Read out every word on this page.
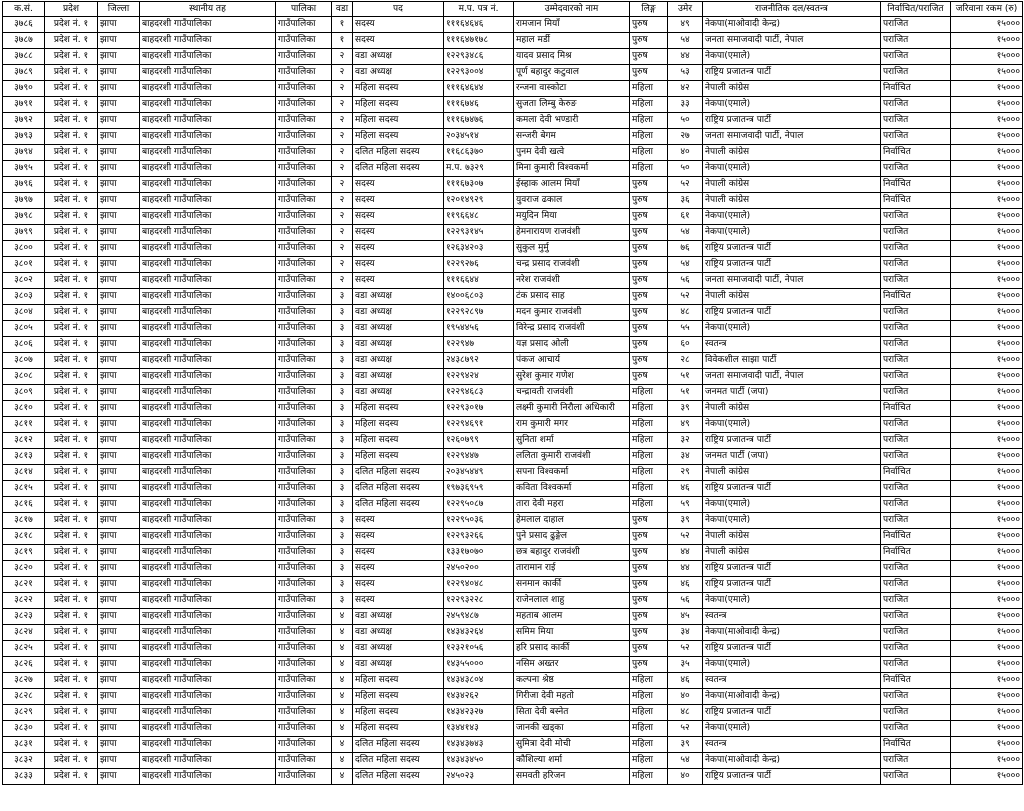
क.सं.	प्रदेश	जिल्ला	स्थानीय तह	पालिका	वडा	पद	म.प. पत्र नं.	उम्मेदवारको नाम	लिङ्ग	उमेर	राजनीतिक दल/स्वतन्त्र	निर्वाचित/पराजित	जरिवाना रकम (रु)
३७८६	प्रदेश नं. १	झापा	बाहदरशी गाउँपालिका	गाउँपालिका	१	सदस्य	१११६४६४६	रामजान मियाँ	पुरुष	४९	नेकपा(माओवादी केन्द्र)	पराजित	१५०००
३७८७	प्रदेश नं. १	झापा	बाहदरशी गाउँपालिका	गाउँपालिका	१	सदस्य	१११६४७१७८	महाल मर्डी	पुरुष	५४	जनता समाजवादी पार्टी, नेपाल	पराजित	१५०००
३७८८	प्रदेश नं. १	झापा	बाहदरशी गाउँपालिका	गाउँपालिका	२	वडा अध्यक्ष	१२२९३४८६	यादव प्रसाद मिश्र	पुरुष	४४	नेकपा(एमाले)	पराजित	१५०००
३७८९	प्रदेश नं. १	झापा	बाहदरशी गाउँपालिका	गाउँपालिका	२	वडा अध्यक्ष	१२२९३००४	पूर्ण बहादुर कटुवाल	पुरुष	५३	राष्ट्रिय प्रजातन्त्र पार्टी	पराजित	१५०००
३७९०	प्रदेश नं. १	झापा	बाहदरशी गाउँपालिका	गाउँपालिका	२	महिला सदस्य	१११६४६४४	रन्जना वास्कोटा	महिला	४२	नेपाली कांग्रेस	निर्वाचित	१५०००
३७९१	प्रदेश नं. १	झापा	बाहदरशी गाउँपालिका	गाउँपालिका	२	महिला सदस्य	१११६७४६	सुजता लिम्बु केरुङ	महिला	३३	नेकपा(एमाले)	पराजित	१५०००
३७९२	प्रदेश नं. १	झापा	बाहदरशी गाउँपालिका	गाउँपालिका	२	महिला सदस्य	१११६७४७६	कमला देवी भण्डारी	महिला	५०	राष्ट्रिय प्रजातन्त्र पार्टी	पराजित	१५०००
३७९३	प्रदेश नं. १	झापा	बाहदरशी गाउँपालिका	गाउँपालिका	२	महिला सदस्य	२०३४५१४	सन्जरी बेगम	महिला	२७	जनता समाजवादी पार्टी, नेपाल	पराजित	१५०००
३७९४	प्रदेश नं. १	झापा	बाहदरशी गाउँपालिका	गाउँपालिका	२	दलित महिला सदस्य	११६८६३७०	पुनम देवी खत्वे	महिला	४०	नेपाली कांग्रेस	निर्वाचित	१५०००
३७९५	प्रदेश नं. १	झापा	बाहदरशी गाउँपालिका	गाउँपालिका	२	दलित महिला सदस्य	म.प. ७३२९	मिना कुमारी विश्वकर्मा	महिला	५०	नेकपा(एमाले)	पराजित	१५०००
३७९६	प्रदेश नं. १	झापा	बाहदरशी गाउँपालिका	गाउँपालिका	२	सदस्य	१११६७३०७	ईस्हाक आलम मियाँ	पुरुष	५२	नेपाली कांग्रेस	निर्वाचित	१५०००
३७९७	प्रदेश नं. १	झापा	बाहदरशी गाउँपालिका	गाउँपालिका	२	सदस्य	१२०१४९२९	युवराज ढकाल	पुरुष	३६	नेपाली कांग्रेस	निर्वाचित	१५०००
३७९८	प्रदेश नं. १	झापा	बाहदरशी गाउँपालिका	गाउँपालिका	२	सदस्य	११९६६४८	मयुदिन मिया	पुरुष	६१	नेकपा(एमाले)	पराजित	१५०००
३७९९	प्रदेश नं. १	झापा	बाहदरशी गाउँपालिका	गाउँपालिका	२	सदस्य	१२२९३१४५	हेमनारायण राजवंशी	पुरुष	५४	नेकपा(एमाले)	पराजित	१५०००
३८००	प्रदेश नं. १	झापा	बाहदरशी गाउँपालिका	गाउँपालिका	२	सदस्य	१२६३४२०३	सुकुल मुर्मु	पुरुष	७६	राष्ट्रिय प्रजातन्त्र पार्टी	पराजित	१५०००
३८०१	प्रदेश नं. १	झापा	बाहदरशी गाउँपालिका	गाउँपालिका	२	सदस्य	१२२९२७६	चन्द्र प्रसाद राजवंशी	पुरुष	५४	राष्ट्रिय प्रजातन्त्र पार्टी	पराजित	१५०००
३८०२	प्रदेश नं. १	झापा	बाहदरशी गाउँपालिका	गाउँपालिका	२	सदस्य	१११६६४४	नरेश राजवंशी	पुरुष	५६	जनता समाजवादी पार्टी, नेपाल	पराजित	१५०००
३८०३	प्रदेश नं. १	झापा	बाहदरशी गाउँपालिका	गाउँपालिका	३	वडा अध्यक्ष	१४००६८०३	टंक प्रसाद साह	पुरुष	५२	नेपाली कांग्रेस	निर्वाचित	१५०००
३८०४	प्रदेश नं. १	झापा	बाहदरशी गाउँपालिका	गाउँपालिका	३	वडा अध्यक्ष	१२२९२८९७	मदन कुमार राजवंशी	पुरुष	४८	राष्ट्रिय प्रजातन्त्र पार्टी	पराजित	१५०००
३८०५	प्रदेश नं. १	झापा	बाहदरशी गाउँपालिका	गाउँपालिका	३	वडा अध्यक्ष	१९५४४५६	विरेन्द्र प्रसाद राजवंशी	पुरुष	५५	नेकपा(एमाले)	पराजित	१५०००
३८०६	प्रदेश नं. १	झापा	बाहदरशी गाउँपालिका	गाउँपालिका	३	वडा अध्यक्ष	१२२९४७	यज्ञ प्रसाद ओली	पुरुष	६०	स्वतन्त्र	पराजित	१५०००
३८०७	प्रदेश नं. १	झापा	बाहदरशी गाउँपालिका	गाउँपालिका	३	वडा अध्यक्ष	२४३८७९२	पंकज आचार्य	पुरुष	२८	विवेकशील साझा पार्टी	पराजित	१५०००
३८०८	प्रदेश नं. १	झापा	बाहदरशी गाउँपालिका	गाउँपालिका	३	वडा अध्यक्ष	१२२९४२४	सुरेश कुमार गणेश	पुरुष	५१	जनता समाजवादी पार्टी, नेपाल	पराजित	१५०००
३८०९	प्रदेश नं. १	झापा	बाहदरशी गाउँपालिका	गाउँपालिका	३	वडा अध्यक्ष	१२२९४६८३	चन्द्रावती राजवंशी	महिला	५१	जनमत पार्टी (जपा)	पराजित	१५०००
३८१०	प्रदेश नं. १	झापा	बाहदरशी गाउँपालिका	गाउँपालिका	३	महिला सदस्य	१२२९३०१७	लक्ष्मी कुमारी निरौला अधिकारी	महिला	३९	नेपाली कांग्रेस	निर्वाचित	१५०००
३८११	प्रदेश नं. १	झापा	बाहदरशी गाउँपालिका	गाउँपालिका	३	महिला सदस्य	१२२९४६९१	राम कुमारी मगर	महिला	४९	नेकपा(एमाले)	पराजित	१५०००
३८१२	प्रदेश नं. १	झापा	बाहदरशी गाउँपालिका	गाउँपालिका	३	महिला सदस्य	१२६०७९९	सुनिता शर्मा	महिला	३२	राष्ट्रिय प्रजातन्त्र पार्टी	पराजित	१५०००
३८१३	प्रदेश नं. १	झापा	बाहदरशी गाउँपालिका	गाउँपालिका	३	महिला सदस्य	१२२९४४७	ललिता कुमारी राजवंशी	महिला	३४	जनमत पार्टी (जपा)	पराजित	१५०००
३८१४	प्रदेश नं. १	झापा	बाहदरशी गाउँपालिका	गाउँपालिका	३	दलित महिला सदस्य	२०३४५४४९	सपना विश्वकर्मा	महिला	२९	नेपाली कांग्रेस	निर्वाचित	१५०००
३८१५	प्रदेश नं. १	झापा	बाहदरशी गाउँपालिका	गाउँपालिका	३	दलित महिला सदस्य	१९७३६९५९	कविता विश्वकर्मा	महिला	४६	राष्ट्रिय प्रजातन्त्र पार्टी	पराजित	१५०००
३८१६	प्रदेश नं. १	झापा	बाहदरशी गाउँपालिका	गाउँपालिका	३	दलित महिला सदस्य	१२२९५०८७	तारा देवी महरा	महिला	५९	नेकपा(एमाले)	पराजित	१५०००
३८१७	प्रदेश नं. १	झापा	बाहदरशी गाउँपालिका	गाउँपालिका	३	सदस्य	१२२९५०३६	हेमलाल दाहाल	पुरुष	३९	नेकपा(एमाले)	पराजित	१५०००
३८१८	प्रदेश नं. १	झापा	बाहदरशी गाउँपालिका	गाउँपालिका	३	सदस्य	१२२९३२६६	पुने प्रसाद ढुङ्गेल	पुरुष	५२	नेपाली कांग्रेस	निर्वाचित	१५०००
३८१९	प्रदेश नं. १	झापा	बाहदरशी गाउँपालिका	गाउँपालिका	३	सदस्य	१३३१७०७०	छत्र बहादुर राजवंशी	पुरुष	४४	नेपाली कांग्रेस	निर्वाचित	१५०००
३८२०	प्रदेश नं. १	झापा	बाहदरशी गाउँपालिका	गाउँपालिका	३	सदस्य	२४५०२००	तारामान राई	पुरुष	४४	राष्ट्रिय प्रजातन्त्र पार्टी	पराजित	१५०००
३८२१	प्रदेश नं. १	झापा	बाहदरशी गाउँपालिका	गाउँपालिका	३	सदस्य	१२२९४०४८	सनमान कार्की	पुरुष	४६	राष्ट्रिय प्रजातन्त्र पार्टी	पराजित	१५०००
३८२२	प्रदेश नं. १	झापा	बाहदरशी गाउँपालिका	गाउँपालिका	३	सदस्य	१२२९३२२८	राजेनलाल शाहु	पुरुष	५६	नेकपा(एमाले)	पराजित	१५०००
३८२३	प्रदेश नं. १	झापा	बाहदरशी गाउँपालिका	गाउँपालिका	४	वडा अध्यक्ष	२४५९४८७	महताब आलम	पुरुष	४५	स्वतन्त्र	पराजित	१५०००
३८२४	प्रदेश नं. १	झापा	बाहदरशी गाउँपालिका	गाउँपालिका	४	वडा अध्यक्ष	१४३४३२६४	समिम मिया	पुरुष	३४	नेकपा(माओवादी केन्द्र)	पराजित	१५०००
३८२५	प्रदेश नं. १	झापा	बाहदरशी गाउँपालिका	गाउँपालिका	४	वडा अध्यक्ष	१२३२१०५६	हरि प्रसाद कार्की	पुरुष	५२	राष्ट्रिय प्रजातन्त्र पार्टी	पराजित	१५०००
३८२६	प्रदेश नं. १	झापा	बाहदरशी गाउँपालिका	गाउँपालिका	४	वडा अध्यक्ष	१४३५५०००	नसिम अख्तर	पुरुष	३५	नेकपा(एमाले)	पराजित	१५०००
३८२७	प्रदेश नं. १	झापा	बाहदरशी गाउँपालिका	गाउँपालिका	४	महिला सदस्य	१४३४३८०४	कल्पना श्रेष्ठ	महिला	४६	स्वतन्त्र	निर्वाचित	१५०००
३८२८	प्रदेश नं. १	झापा	बाहदरशी गाउँपालिका	गाउँपालिका	४	महिला सदस्य	१४३४२६२	गिरीजा देवी महतो	महिला	४०	नेकपा(माओवादी केन्द्र)	पराजित	१५०००
३८२९	प्रदेश नं. १	झापा	बाहदरशी गाउँपालिका	गाउँपालिका	४	महिला सदस्य	१४३४२३२७	सिता देवी बस्नेत	महिला	४८	राष्ट्रिय प्रजातन्त्र पार्टी	पराजित	१५०००
३८३०	प्रदेश नं. १	झापा	बाहदरशी गाउँपालिका	गाउँपालिका	४	महिला सदस्य	१३४४१४३	जानकी खड्का	महिला	५२	नेकपा(एमाले)	पराजित	१५०००
३८३१	प्रदेश नं. १	झापा	बाहदरशी गाउँपालिका	गाउँपालिका	४	दलित महिला सदस्य	१४३४३७४३	सुमित्रा देवी मोची	महिला	३९	स्वतन्त्र	निर्वाचित	१५०००
३८३२	प्रदेश नं. १	झापा	बाहदरशी गाउँपालिका	गाउँपालिका	४	दलित महिला सदस्य	१४३४३४५०	कौशिल्या शर्मा	महिला	५४	नेकपा(माओवादी केन्द्र)	पराजित	१५०००
३८३३	प्रदेश नं. १	झापा	बाहदरशी गाउँपालिका	गाउँपालिका	४	दलित महिला सदस्य	२४५०२३	समवती हरिजन	महिला	४०	राष्ट्रिय प्रजातन्त्र पार्टी	पराजित	१५०००
